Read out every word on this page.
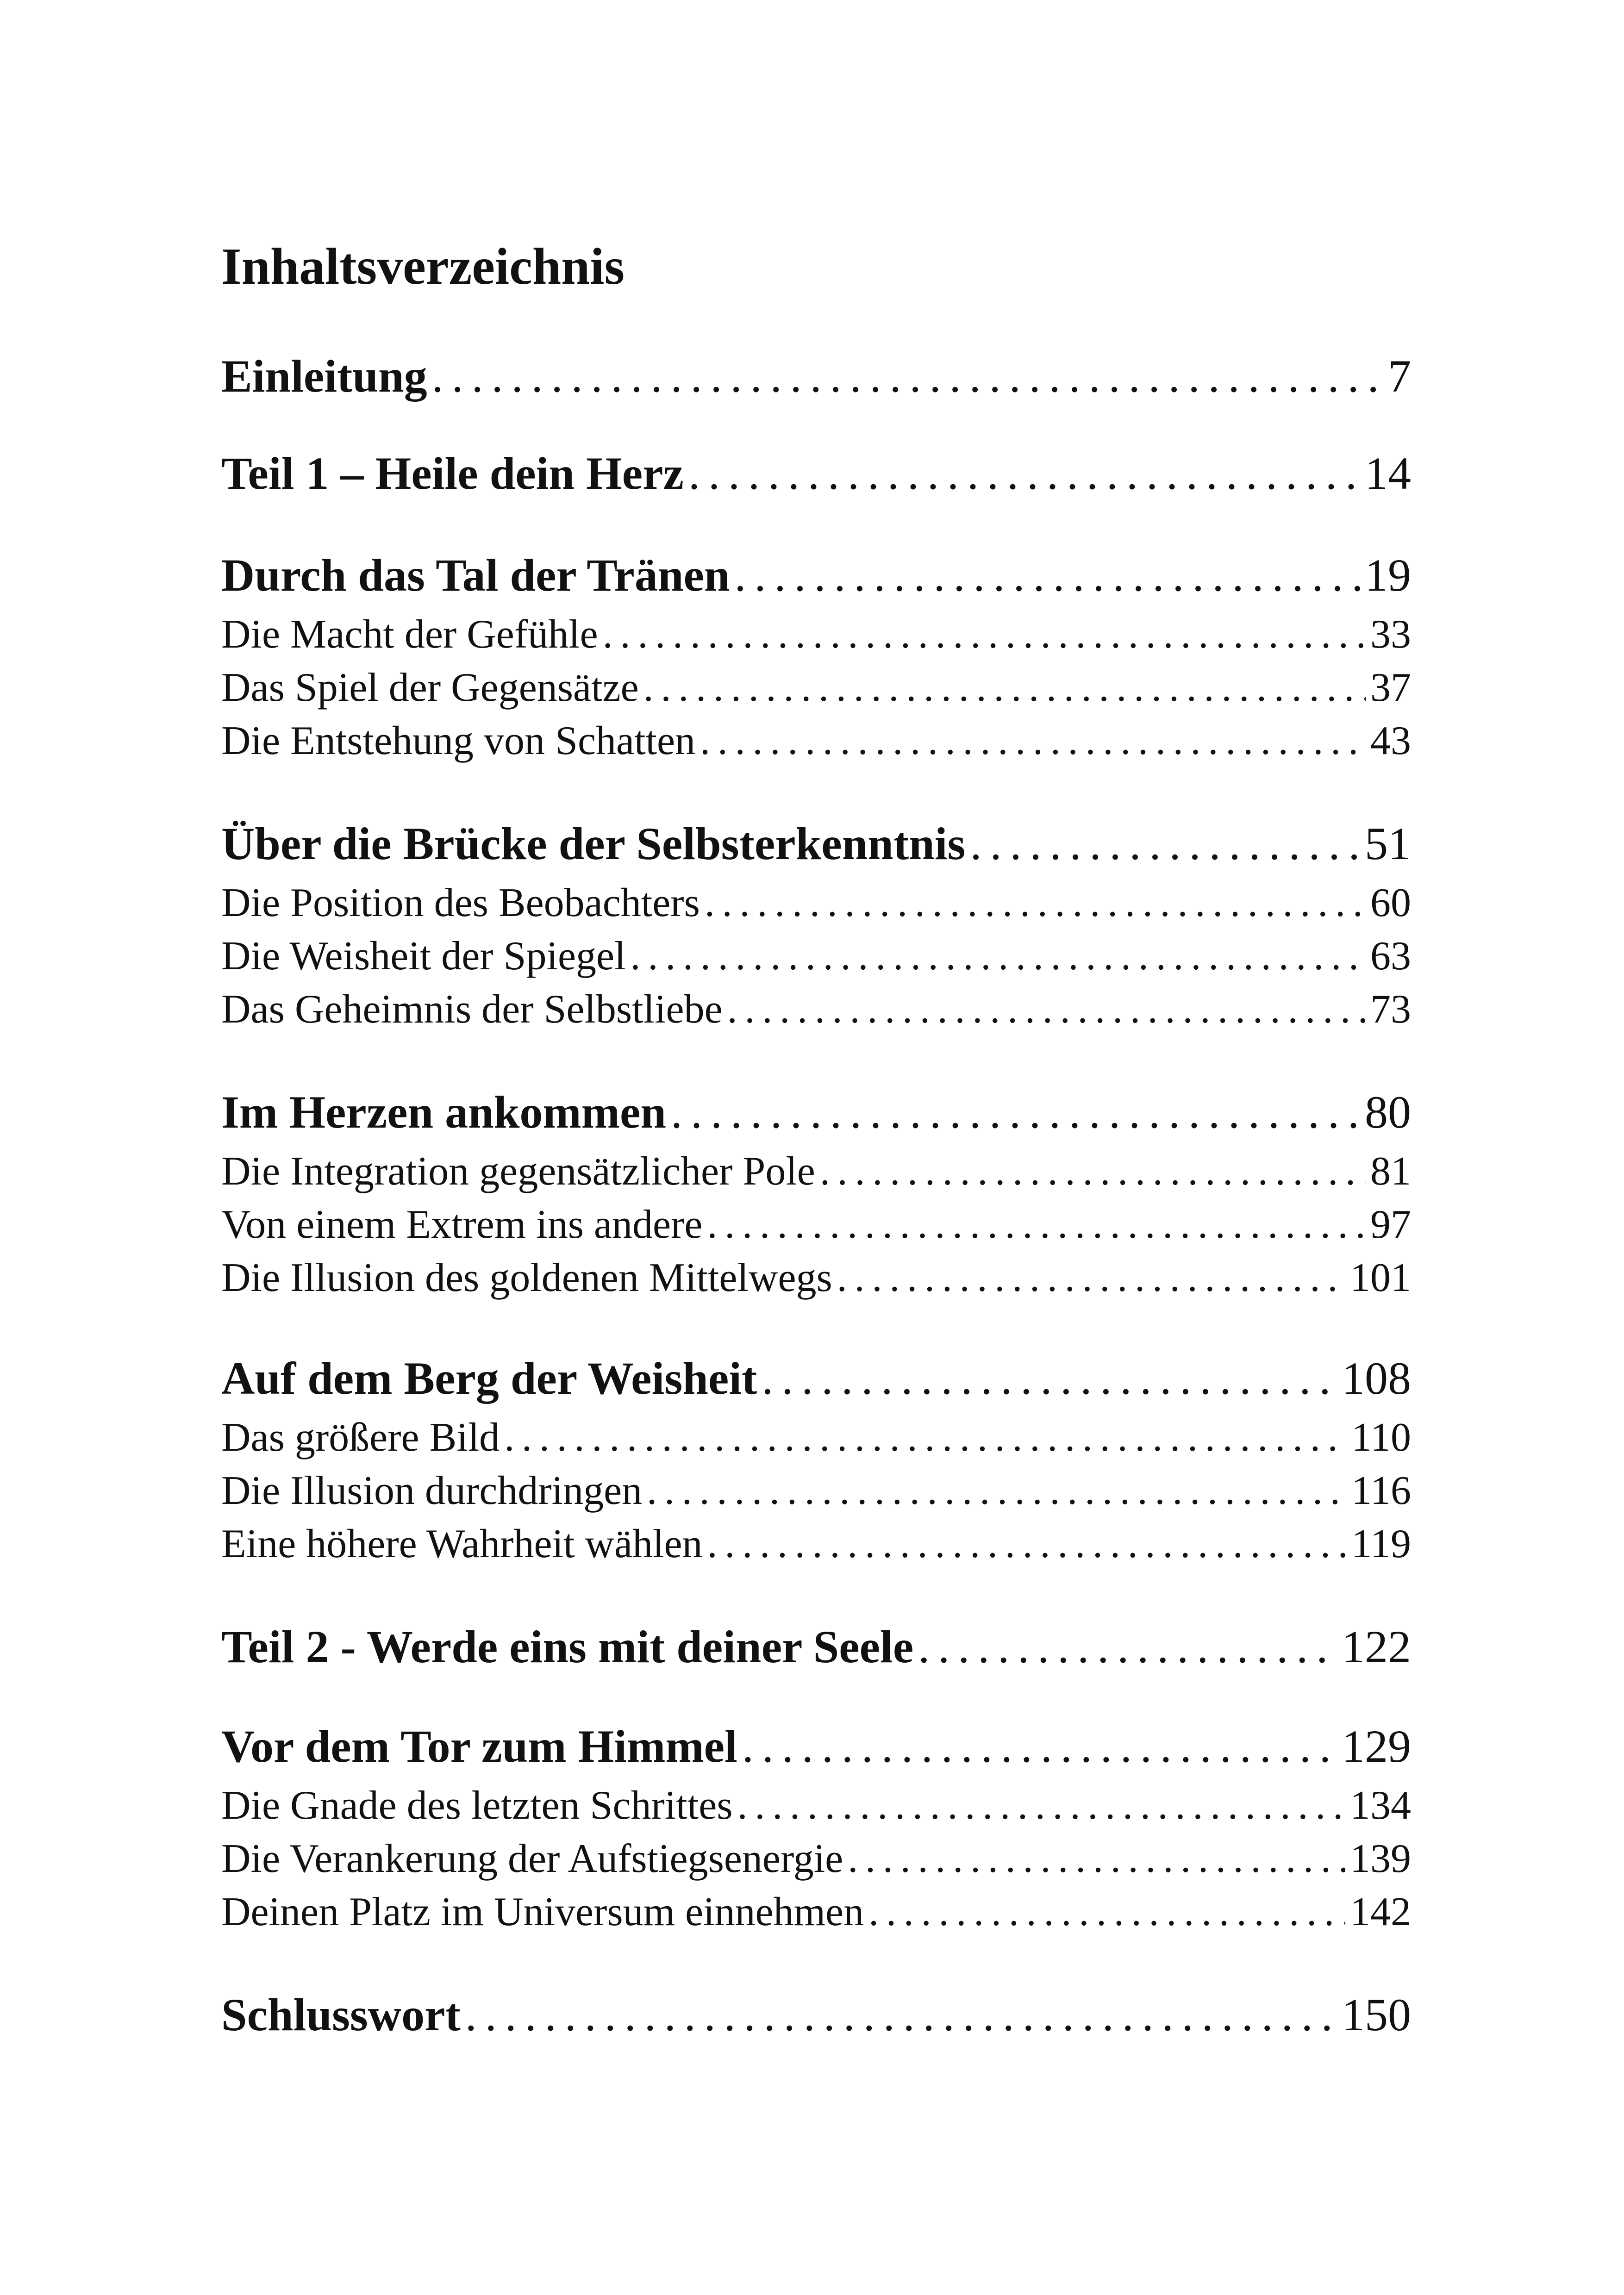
Inhaltsverzeichnis
Einleitung .....	7
Teil 1 – Heile dein Herz .....	14
Durch das Tal der Tränen .....	19
Die Macht der Gefühle .....	33
Das Spiel der Gegensätze .....	37
Die Entstehung von Schatten .....	43
Über die Brücke der Selbsterkenntnis .....	51
Die Position des Beobachters .....	60
Die Weisheit der Spiegel .....	63
Das Geheimnis der Selbstliebe .....	73
Im Herzen ankommen .....	80
Die Integration gegensätzlicher Pole .....	81
Von einem Extrem ins andere .....	97
Die Illusion des goldenen Mittelwegs .....	101
Auf dem Berg der Weisheit .....	108
Das größere Bild .....	110
Die Illusion durchdringen .....	116
Eine höhere Wahrheit wählen .....	119
Teil 2 - Werde eins mit deiner Seele .....	122
Vor dem Tor zum Himmel .....	129
Die Gnade des letzten Schrittes .....	134
Die Verankerung der Aufstiegsenergie .....	139
Deinen Platz im Universum einnehmen .....	142
Schlusswort .....	150
